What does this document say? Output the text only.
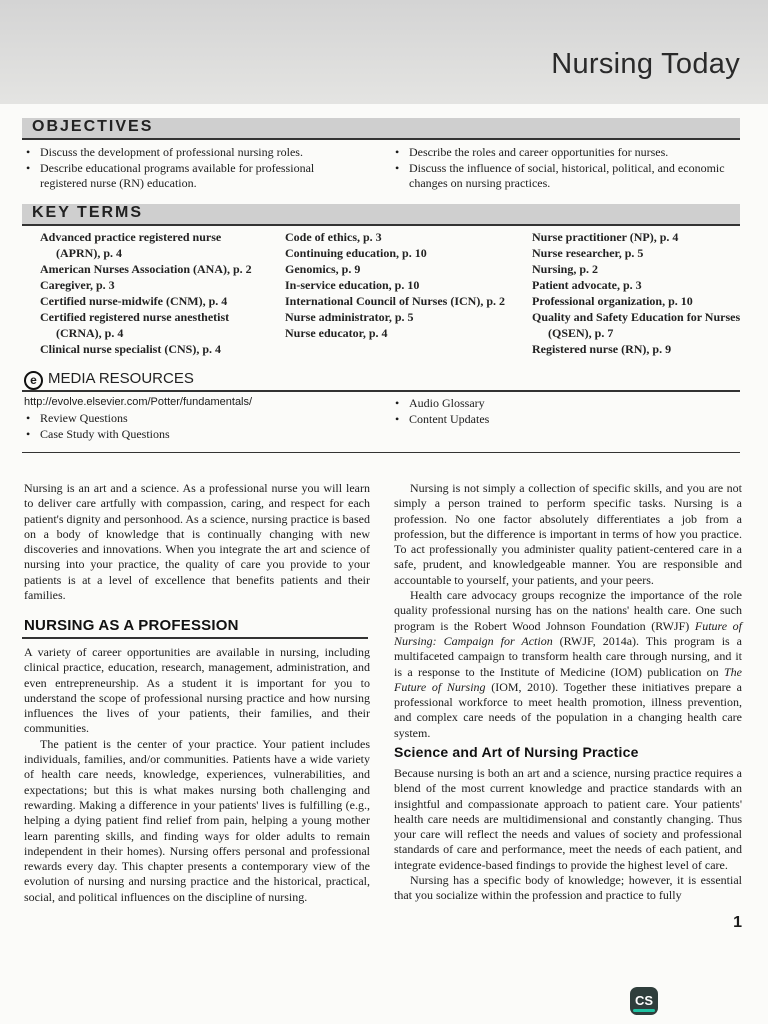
Nursing Today
OBJECTIVES
• Discuss the development of professional nursing roles.
• Describe educational programs available for professional registered nurse (RN) education.
• Describe the roles and career opportunities for nurses.
• Discuss the influence of social, historical, political, and economic changes on nursing practices.
KEY TERMS
Advanced practice registered nurse (APRN), p. 4
American Nurses Association (ANA), p. 2
Caregiver, p. 3
Certified nurse-midwife (CNM), p. 4
Certified registered nurse anesthetist (CRNA), p. 4
Clinical nurse specialist (CNS), p. 4
Code of ethics, p. 3
Continuing education, p. 10
Genomics, p. 9
In-service education, p. 10
International Council of Nurses (ICN), p. 2
Nurse administrator, p. 5
Nurse educator, p. 4
Nurse practitioner (NP), p. 4
Nurse researcher, p. 5
Nursing, p. 2
Patient advocate, p. 3
Professional organization, p. 10
Quality and Safety Education for Nurses (QSEN), p. 7
Registered nurse (RN), p. 9
e MEDIA RESOURCES
http://evolve.elsevier.com/Potter/fundamentals/
• Review Questions
• Case Study with Questions
• Audio Glossary
• Content Updates

Nursing is an art and a science. As a professional nurse you will learn to deliver care artfully with compassion, caring, and respect for each patient's dignity and personhood. As a science, nursing practice is based on a body of knowledge that is continually changing with new discoveries and innovations. When you integrate the art and science of nursing into your practice, the quality of care you provide to your patients is at a level of excellence that benefits patients and their families.

NURSING AS A PROFESSION

A variety of career opportunities are available in nursing, including clinical practice, education, research, management, administration, and even entrepreneurship. As a student it is important for you to understand the scope of professional nursing practice and how nursing influences the lives of your patients, their families, and their communities.

The patient is the center of your practice. Your patient includes individuals, families, and/or communities. Patients have a wide variety of health care needs, knowledge, experiences, vulnerabilities, and expectations; but this is what makes nursing both challenging and rewarding. Making a difference in your patients' lives is fulfilling (e.g., helping a dying patient find relief from pain, helping a young mother learn parenting skills, and finding ways for older adults to remain independent in their homes). Nursing offers personal and professional rewards every day. This chapter presents a contemporary view of the evolution of nursing and nursing practice and the historical, practical, social, and political influences on the discipline of nursing.

Nursing is not simply a collection of specific skills, and you are not simply a person trained to perform specific tasks. Nursing is a profession. No one factor absolutely differentiates a job from a profession, but the difference is important in terms of how you practice. To act professionally you administer quality patient-centered care in a safe, prudent, and knowledgeable manner. You are responsible and accountable to yourself, your patients, and your peers.

Health care advocacy groups recognize the importance of the role quality professional nursing has on the nations' health care. One such program is the Robert Wood Johnson Foundation (RWJF) Future of Nursing: Campaign for Action (RWJF, 2014a). This program is a multifaceted campaign to transform health care through nursing, and it is a response to the Institute of Medicine (IOM) publication on The Future of Nursing (IOM, 2010). Together these initiatives prepare a professional workforce to meet health promotion, illness prevention, and complex care needs of the population in a changing health care system.

Science and Art of Nursing Practice

Because nursing is both an art and a science, nursing practice requires a blend of the most current knowledge and practice standards with an insightful and compassionate approach to patient care. Your patients' health care needs are multidimensional and constantly changing. Thus your care will reflect the needs and values of society and professional standards of care and performance, meet the needs of each patient, and integrate evidence-based findings to provide the highest level of care.

Nursing has a specific body of knowledge; however, it is essential that you socialize within the profession and practice to fully

1
CS
